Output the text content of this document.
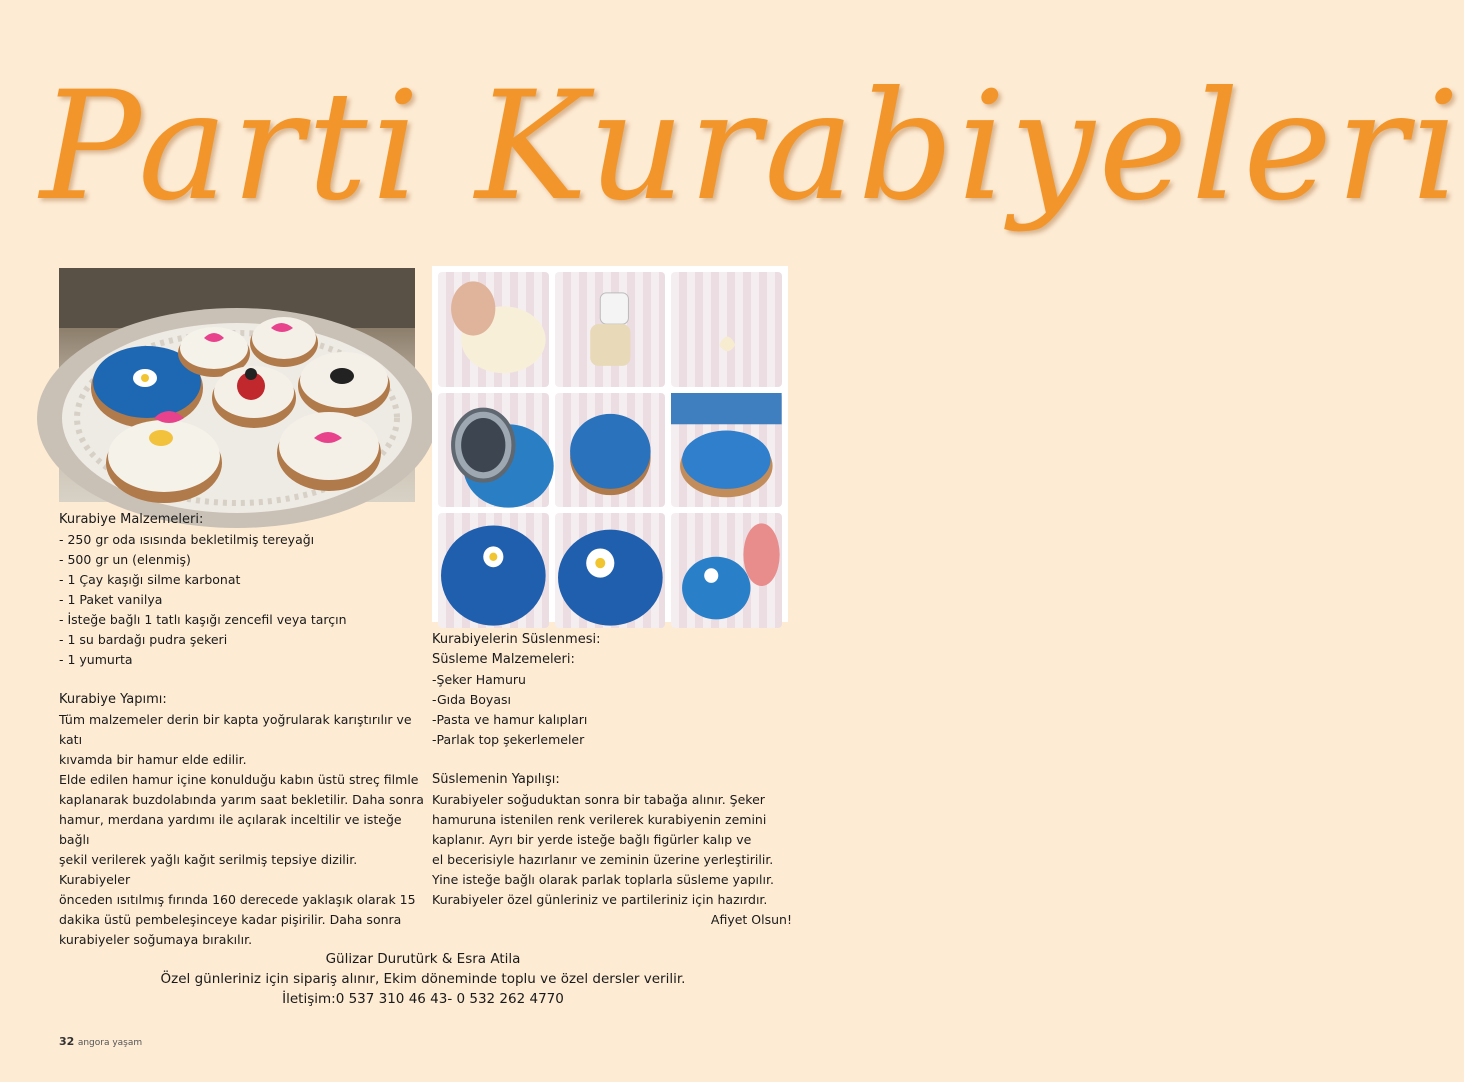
Parti Kurabiyeleri
Kurabiye Malzemeleri:
- 250 gr oda ısısında bekletilmiş tereyağı
- 500 gr un (elenmiş)
- 1 Çay kaşığı silme karbonat
- 1 Paket vanilya
- İsteğe bağlı 1 tatlı kaşığı zencefil veya tarçın
- 1 su bardağı pudra şekeri
- 1 yumurta
Kurabiye Yapımı:
Tüm malzemeler derin bir kapta yoğrularak karıştırılır ve katı
kıvamda bir hamur elde edilir.
Elde edilen hamur içine konulduğu kabın üstü streç filmle
kaplanarak buzdolabında yarım saat bekletilir. Daha sonra
hamur, merdana yardımı ile açılarak inceltilir ve isteğe bağlı
şekil verilerek yağlı kağıt serilmiş tepsiye dizilir. Kurabiyeler
önceden ısıtılmış fırında 160 derecede yaklaşık olarak 15
dakika üstü pembeleşinceye kadar pişirilir. Daha sonra
kurabiyeler soğumaya bırakılır.
Kurabiyelerin Süslenmesi:
Süsleme Malzemeleri:
-Şeker Hamuru
-Gıda Boyası
-Pasta ve hamur kalıpları
-Parlak top şekerlemeler
Süslemenin Yapılışı:
Kurabiyeler soğuduktan sonra bir tabağa alınır. Şeker
hamuruna istenilen renk verilerek kurabiyenin zemini
kaplanır. Ayrı bir yerde isteğe bağlı figürler kalıp ve
el becerisiyle hazırlanır ve zeminin üzerine yerleştirilir.
Yine isteğe bağlı olarak parlak toplarla süsleme yapılır.
Kurabiyeler özel günleriniz ve partileriniz için hazırdır.
Afiyet Olsun!
Gülizar Durutürk & Esra Atila
Özel günleriniz için sipariş alınır, Ekim döneminde toplu ve özel dersler verilir.
İletişim:0 537 310 46 43- 0 532 262 4770
32 angora yaşam
